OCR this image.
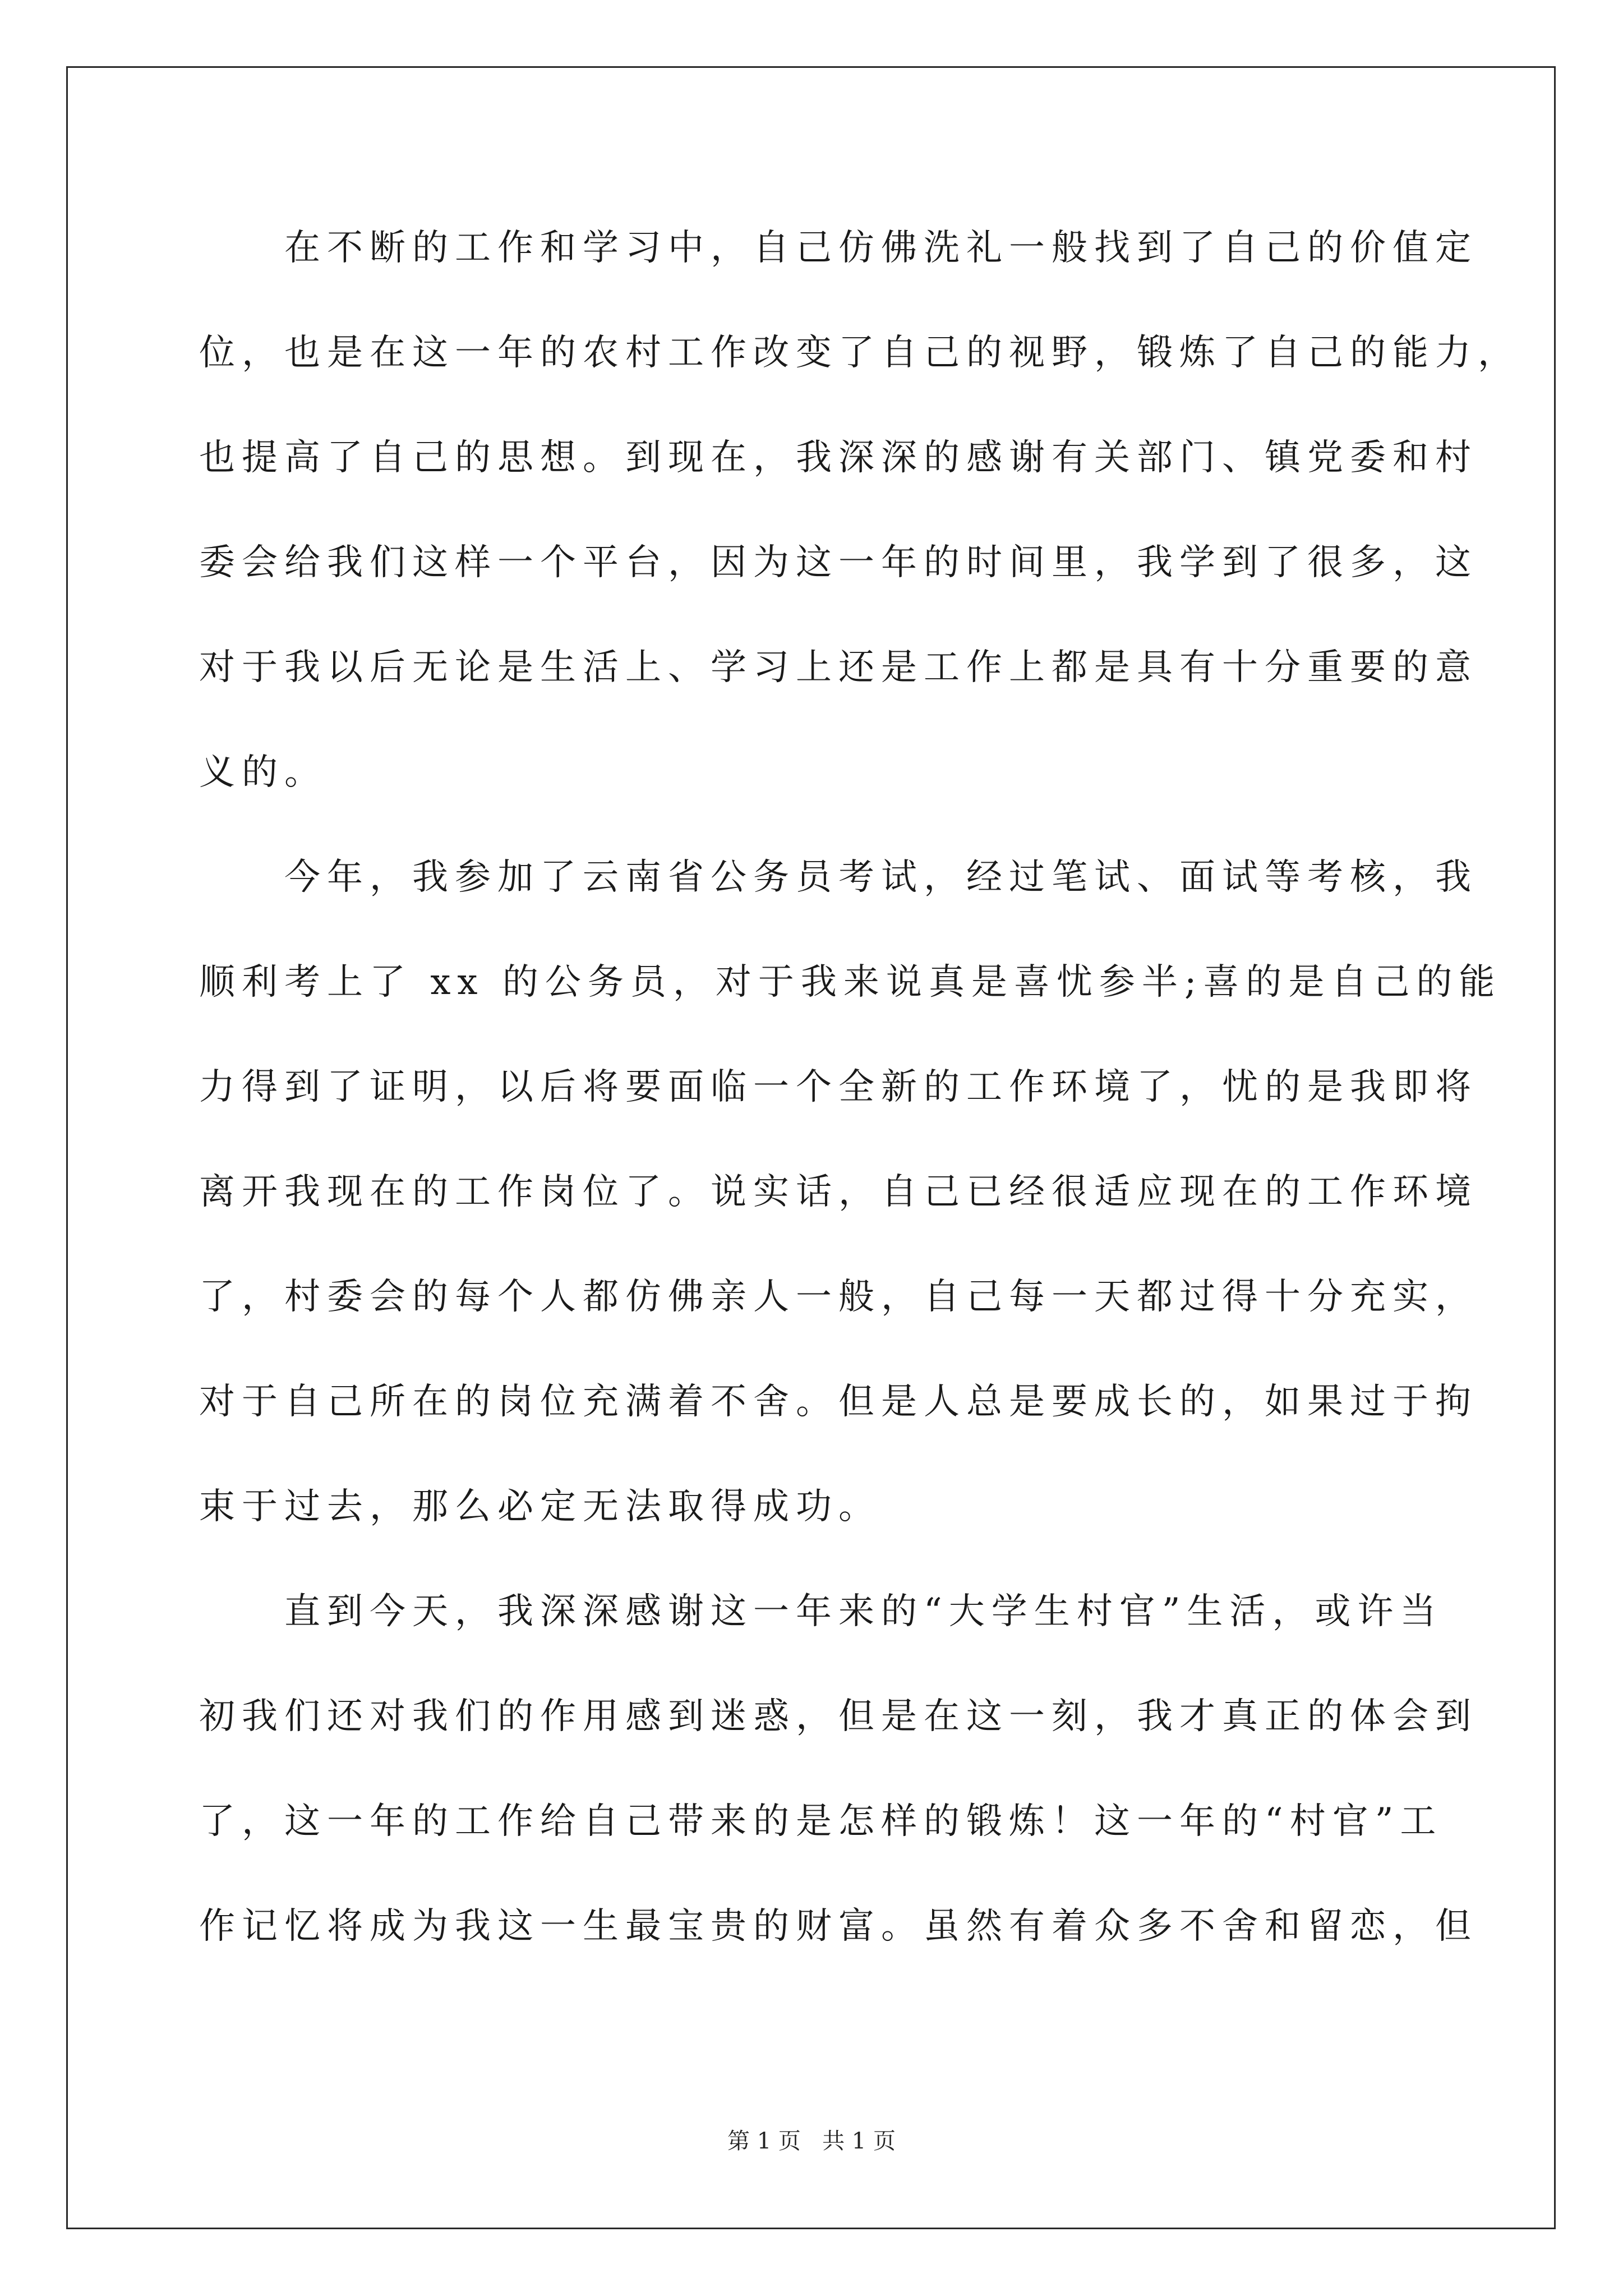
　　在不断的工作和学习中，自己仿佛洗礼一般找到了自己的价值定
位，也是在这一年的农村工作改变了自己的视野，锻炼了自己的能力，
也提高了自己的思想。到现在，我深深的感谢有关部门、镇党委和村
委会给我们这样一个平台，因为这一年的时间里，我学到了很多，这
对于我以后无论是生活上、学习上还是工作上都是具有十分重要的意
义的。
　　今年，我参加了云南省公务员考试，经过笔试、面试等考核，我
顺利考上了 xx 的公务员，对于我来说真是喜忧参半;喜的是自己的能
力得到了证明，以后将要面临一个全新的工作环境了，忧的是我即将
离开我现在的工作岗位了。说实话，自己已经很适应现在的工作环境
了，村委会的每个人都仿佛亲人一般，自己每一天都过得十分充实，
对于自己所在的岗位充满着不舍。但是人总是要成长的，如果过于拘
束于过去，那么必定无法取得成功。
　　直到今天，我深深感谢这一年来的“大学生村官”生活，或许当
初我们还对我们的作用感到迷惑，但是在这一刻，我才真正的体会到
了，这一年的工作给自己带来的是怎样的锻炼！这一年的“村官”工
作记忆将成为我这一生最宝贵的财富。虽然有着众多不舍和留恋，但
第 1 页   共 1 页
